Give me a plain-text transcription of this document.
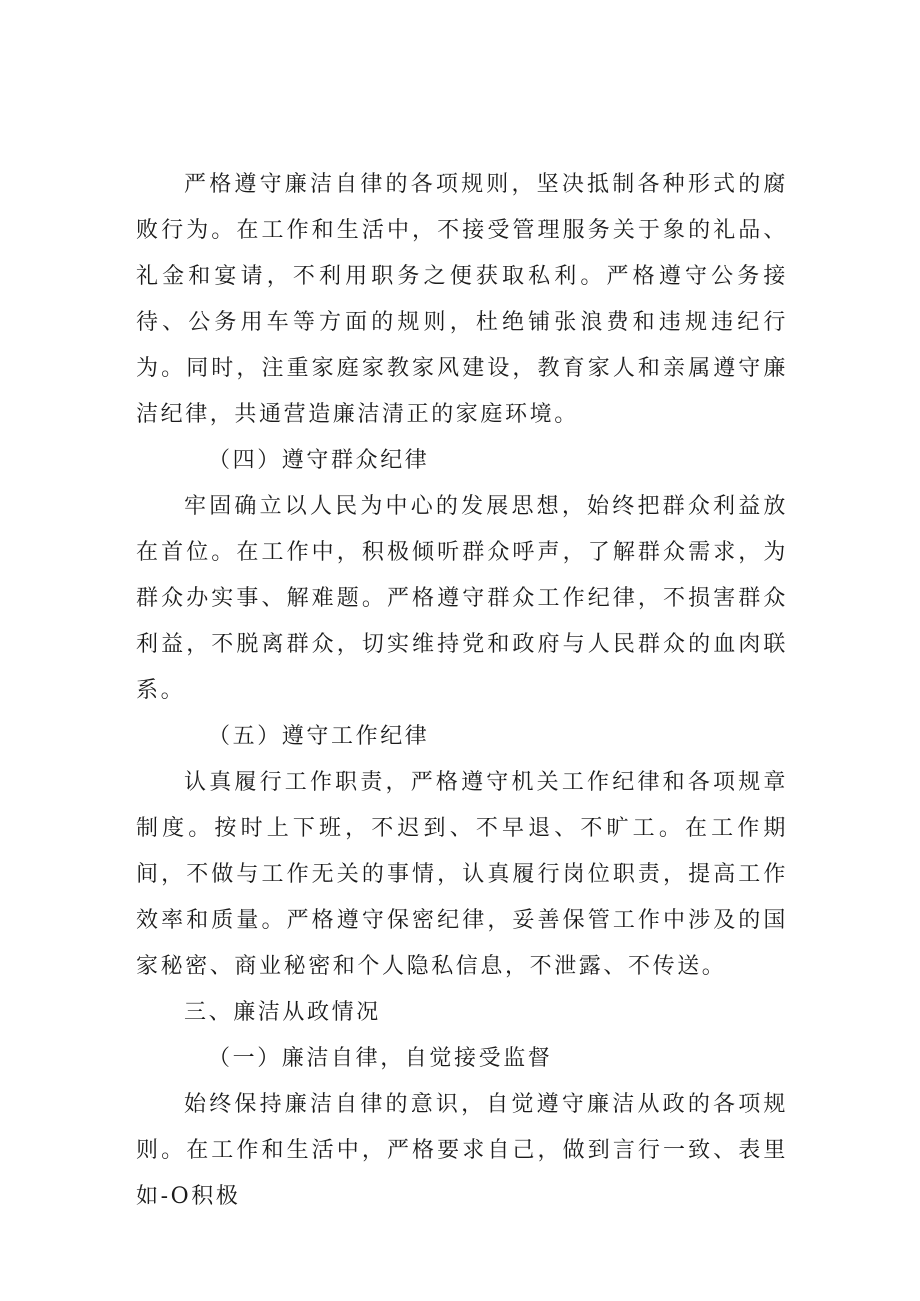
严格遵守廉洁自律的各项规则，坚决抵制各种形式的腐败行为。在工作和生活中，不接受管理服务关于象的礼品、礼金和宴请，不利用职务之便获取私利。严格遵守公务接待、公务用车等方面的规则，杜绝铺张浪费和违规违纪行为。同时，注重家庭家教家风建设，教育家人和亲属遵守廉洁纪律，共通营造廉洁清正的家庭环境。

（四）遵守群众纪律

牢固确立以人民为中心的发展思想，始终把群众利益放在首位。在工作中，积极倾听群众呼声，了解群众需求，为群众办实事、解难题。严格遵守群众工作纪律，不损害群众利益，不脱离群众，切实维持党和政府与人民群众的血肉联系。

（五）遵守工作纪律

认真履行工作职责，严格遵守机关工作纪律和各项规章制度。按时上下班，不迟到、不早退、不旷工。在工作期间，不做与工作无关的事情，认真履行岗位职责，提高工作效率和质量。严格遵守保密纪律，妥善保管工作中涉及的国家秘密、商业秘密和个人隐私信息，不泄露、不传送。

三、廉洁从政情况

（一）廉洁自律，自觉接受监督

始终保持廉洁自律的意识，自觉遵守廉洁从政的各项规则。在工作和生活中，严格要求自己，做到言行一致、表里如-O积极
